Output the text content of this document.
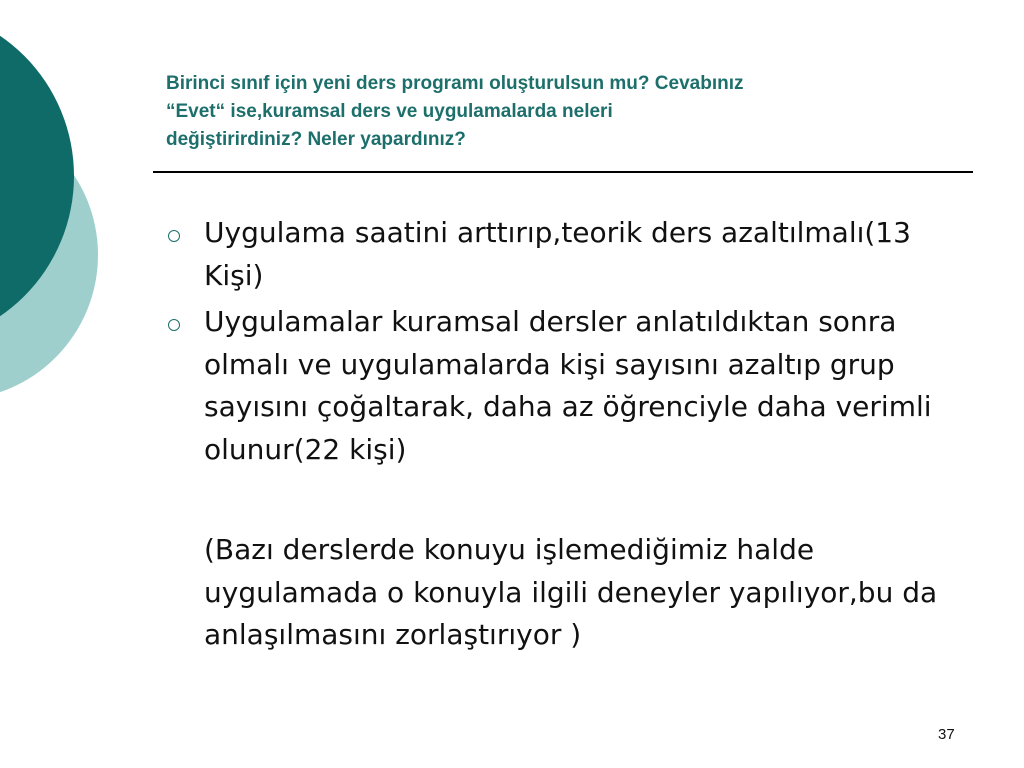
Birinci sınıf için yeni ders programı oluşturulsun mu? Cevabınız
“Evet“ ise,kuramsal ders ve uygulamalarda neleri
değiştirirdiniz? Neler yapardınız?
Uygulama saatini arttırıp,teorik ders azaltılmalı(13 Kişi)
Uygulamalar kuramsal dersler anlatıldıktan sonra olmalı ve uygulamalarda kişi sayısını azaltıp grup sayısını çoğaltarak, daha az öğrenciyle daha verimli olunur(22 kişi)

(Bazı derslerde konuyu işlemediğimiz halde uygulamada o konuyla ilgili deneyler yapılıyor,bu da anlaşılmasını zorlaştırıyor )

37
